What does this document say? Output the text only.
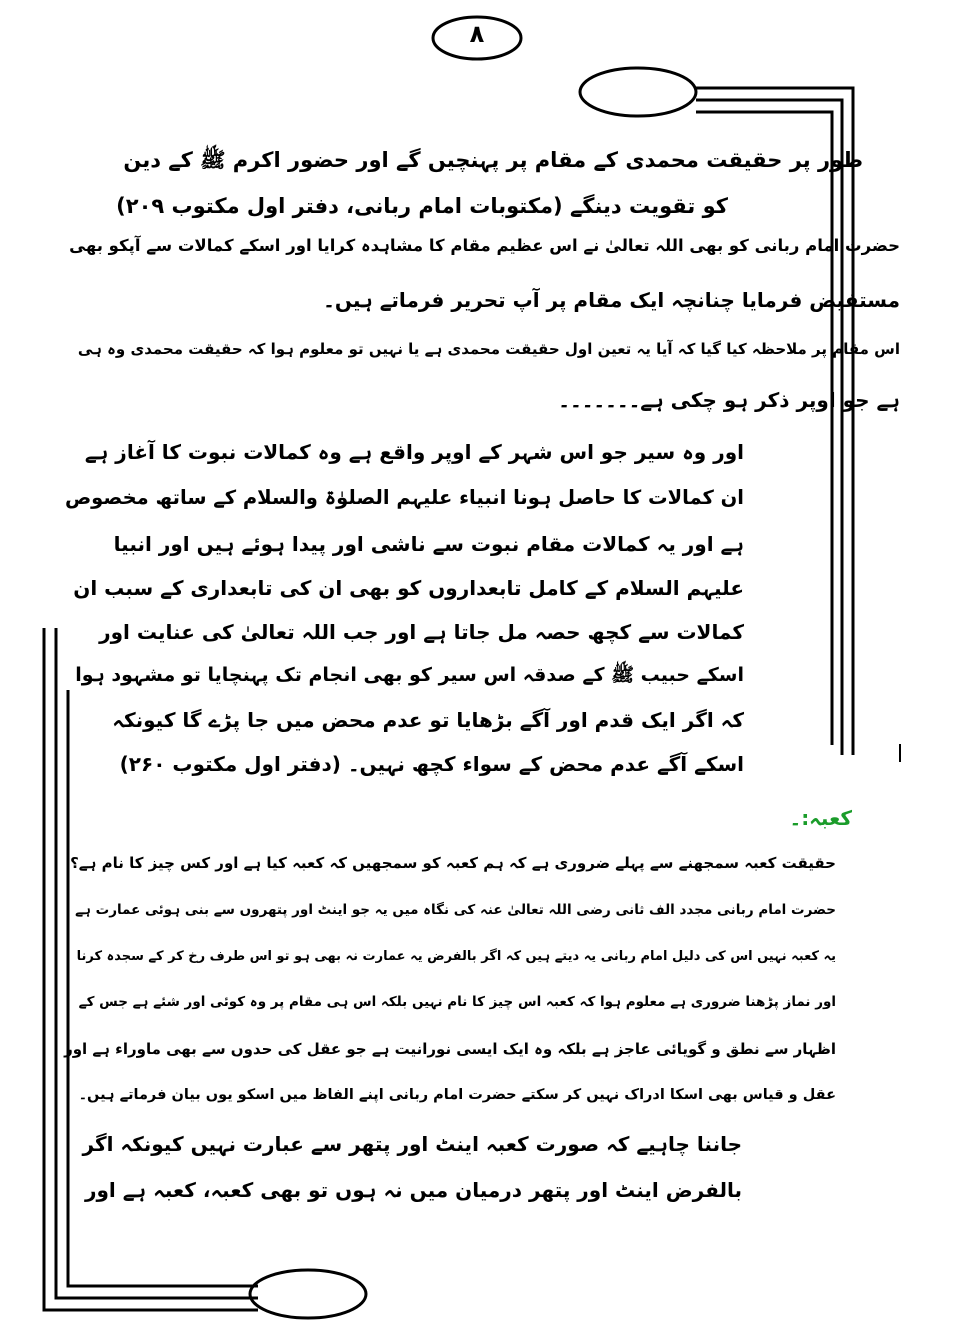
٨
طور پر حقیقت محمدی کے مقام پر پہنچیں گے اور حضور اکرم ﷺ کے دین
کو تقویت دینگے (مکتوبات امام ربانی، دفتر اول مکتوب ۲۰۹)
حضرت امام ربانی کو بھی اللہ تعالیٰ نے اس عظیم مقام کا مشاہدہ کرایا اور اسکے کمالات سے آپکو بھی
مستفیض فرمایا چنانچہ ایک مقام پر آپ تحریر فرماتے ہیں۔
اس مقام پر ملاحظہ کیا گیا کہ آیا یہ تعین اول حقیقت محمدی ہے یا نہیں تو معلوم ہوا کہ حقیقت محمدی وہ ہی
ہے جو اوپر ذکر ہو چکی ہے۔۔۔۔۔۔۔
اور وہ سیر جو اس شہر کے اوپر واقع ہے وہ کمالات نبوت کا آغاز ہے
ان کمالات کا حاصل ہونا انبیاء علیہم الصلوٰۃ والسلام کے ساتھ مخصوص
ہے اور یہ کمالات مقام نبوت سے ناشی اور پیدا ہوئے ہیں اور انبیا
علیہم السلام کے کامل تابعداروں کو بھی ان کی تابعداری کے سبب ان
کمالات سے کچھ حصہ مل جاتا ہے اور جب اللہ تعالیٰ کی عنایت اور
اسکے حبیب ﷺ کے صدقہ اس سیر کو بھی انجام تک پہنچایا تو مشہود ہوا
کہ اگر ایک قدم اور آگے بڑھایا تو عدم محض میں جا پڑے گا کیونکہ
اسکے آگے عدم محض کے سواء کچھ نہیں۔ (دفتر اول مکتوب ۲۶۰)
کعبہ:۔
حقیقت کعبہ سمجھنے سے پہلے ضروری ہے کہ ہم کعبہ کو سمجھیں کہ کعبہ کیا ہے اور کس چیز کا نام ہے؟
حضرت امام ربانی مجدد الف ثانی رضی اللہ تعالیٰ عنہ کی نگاہ میں یہ جو اینٹ اور پتھروں سے بنی ہوئی عمارت ہے
یہ کعبہ نہیں اس کی دلیل امام ربانی یہ دیتے ہیں کہ اگر بالفرض یہ عمارت نہ بھی ہو تو اس طرف رخ کر کے سجدہ کرنا
اور نماز پڑھنا ضروری ہے معلوم ہوا کہ کعبہ اس چیز کا نام نہیں بلکہ اس ہی مقام پر وہ کوئی اور شئے ہے جس کے
اظہار سے نطق و گویائی عاجز ہے بلکہ وہ ایک ایسی نورانیت ہے جو عقل کی حدوں سے بھی ماوراء ہے اور
عقل و قیاس بھی اسکا ادراک نہیں کر سکتے حضرت امام ربانی اپنے الفاظ میں اسکو یوں بیان فرماتے ہیں۔
جاننا چاہیے کہ صورت کعبہ اینٹ اور پتھر سے عبارت نہیں کیونکہ اگر
بالفرض اینٹ اور پتھر درمیان میں نہ ہوں تو بھی کعبہ، کعبہ ہے اور
